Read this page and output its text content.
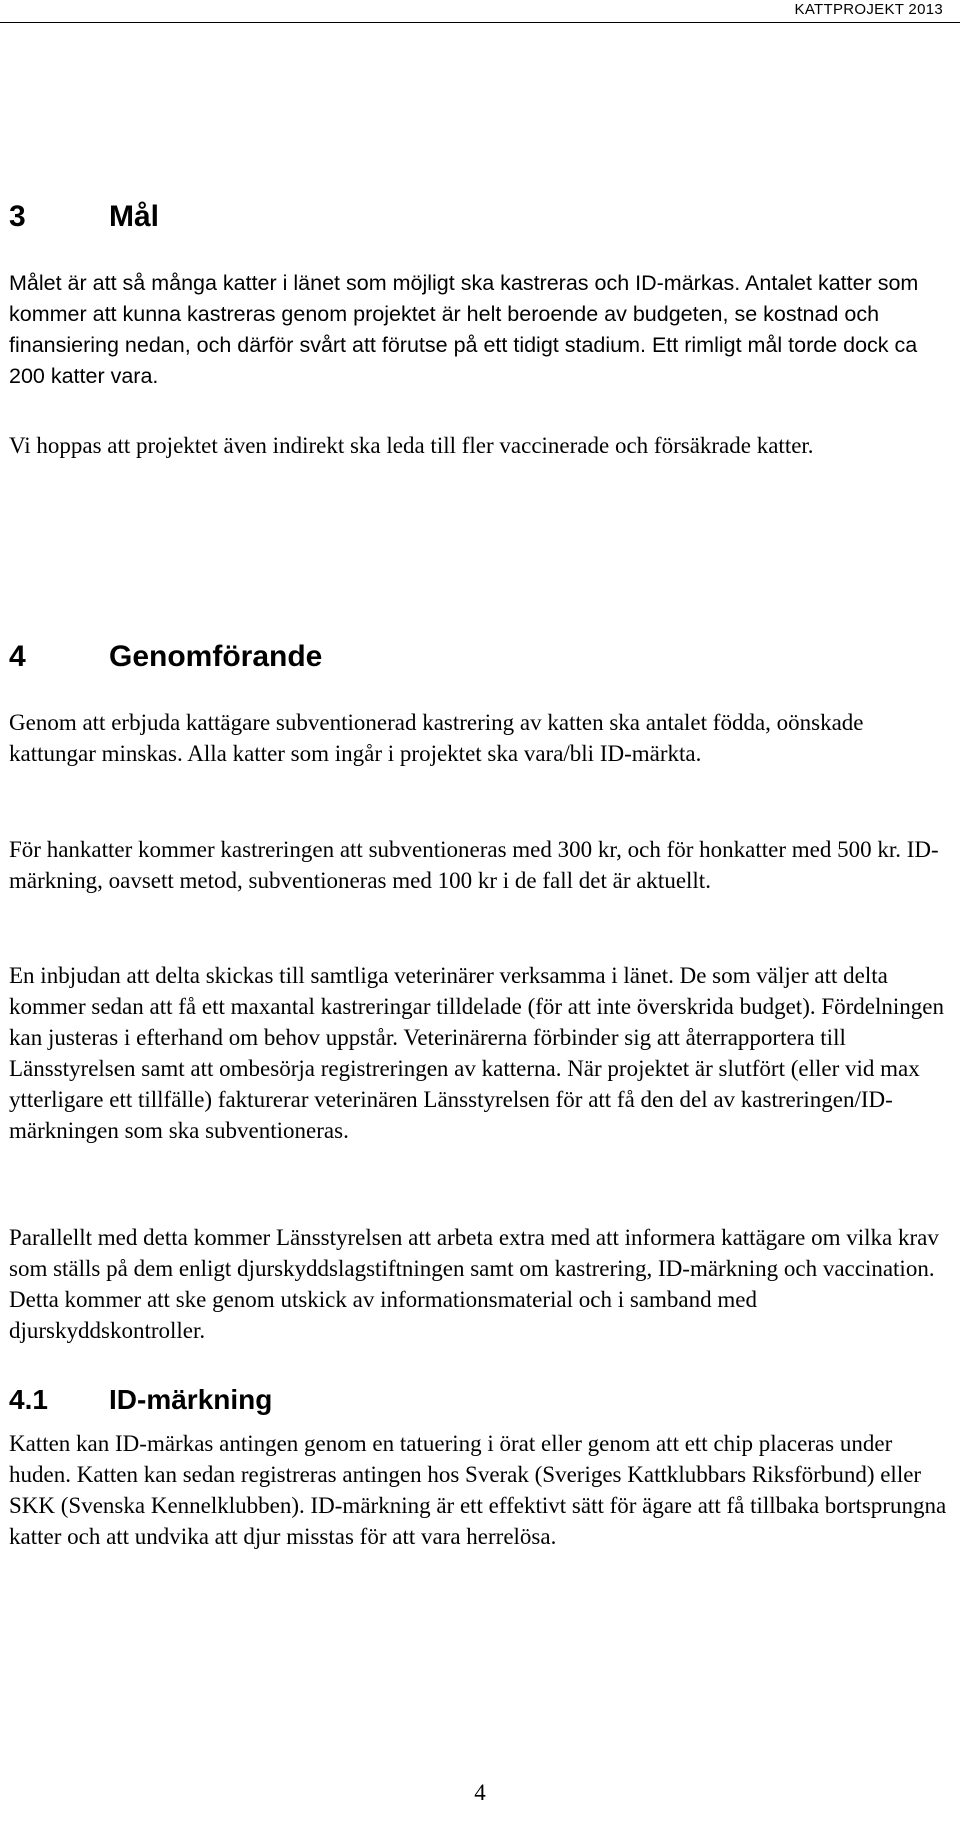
KATTPROJEKT 2013
3	Mål

Målet är att så många katter i länet som möjligt ska kastreras och ID-märkas. Antalet katter som kommer att kunna kastreras genom projektet är helt beroende av budgeten, se kostnad och finansiering nedan, och därför svårt att förutse på ett tidigt stadium. Ett rimligt mål torde dock ca 200 katter vara.

Vi hoppas att projektet även indirekt ska leda till fler vaccinerade och försäkrade katter.

4	Genomförande

Genom att erbjuda kattägare subventionerad kastrering av katten ska antalet födda, oönskade kattungar minskas. Alla katter som ingår i projektet ska vara/bli ID-märkta.

För hankatter kommer kastreringen att subventioneras med 300 kr, och för honkatter med 500 kr. ID-märkning, oavsett metod, subventioneras med 100 kr i de fall det är aktuellt.

En inbjudan att delta skickas till samtliga veterinärer verksamma i länet. De som väljer att delta kommer sedan att få ett maxantal kastreringar tilldelade (för att inte överskrida budget). Fördelningen kan justeras i efterhand om behov uppstår. Veterinärerna förbinder sig att återrapportera till Länsstyrelsen samt att ombesörja registreringen av katterna. När projektet är slutfört (eller vid max ytterligare ett tillfälle) fakturerar veterinären Länsstyrelsen för att få den del av kastreringen/ID-märkningen som ska subventioneras.

Parallellt med detta kommer Länsstyrelsen att arbeta extra med att informera kattägare om vilka krav som ställs på dem enligt djurskyddslagstiftningen samt om kastrering, ID-märkning och vaccination. Detta kommer att ske genom utskick av informationsmaterial och i samband med djurskyddskontroller.

4.1 ID-märkning

Katten kan ID-märkas antingen genom en tatuering i örat eller genom att ett chip placeras under huden. Katten kan sedan registreras antingen hos Sverak (Sveriges Kattklubbars Riksförbund) eller SKK (Svenska Kennelklubben). ID-märkning är ett effektivt sätt för ägare att få tillbaka bortsprungna katter och att undvika att djur misstas för att vara herrelösa.

4
